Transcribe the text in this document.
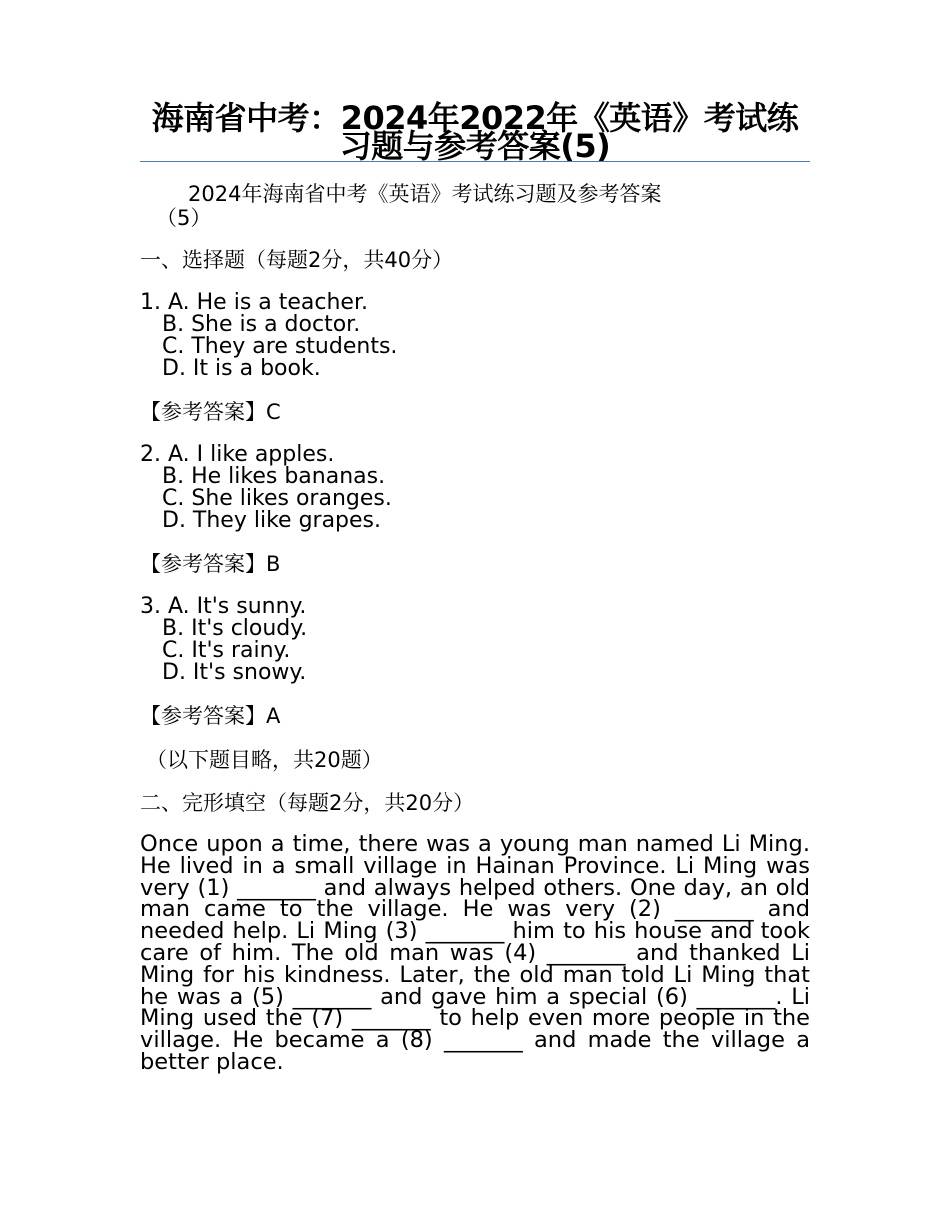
海南省中考：2024年2022年《英语》考试练习题与参考答案(5)
2024年海南省中考《英语》考试练习题及参考答案
（5）
一、选择题（每题2分，共40分）
1. A. He is a teacher.
B. She is a doctor.
C. They are students.
D. It is a book.
【参考答案】C
2. A. I like apples.
B. He likes bananas.
C. She likes oranges.
D. They like grapes.
【参考答案】B
3. A. It's sunny.
B. It's cloudy.
C. It's rainy.
D. It's snowy.
【参考答案】A
（以下题目略，共20题）
二、完形填空（每题2分，共20分）
Once upon a time, there was a young man named Li Ming. He lived in a small village in Hainan Province. Li Ming was very (1) _______ and always helped others. One day, an old man came to the village. He was very (2) _______ and needed help. Li Ming (3) _______ him to his house and took care of him. The old man was (4) _______ and thanked Li Ming for his kindness. Later, the old man told Li Ming that he was a (5) _______ and gave him a special (6) _______. Li Ming used the (7) _______ to help even more people in the village. He became a (8) _______ and made the village a better place.
